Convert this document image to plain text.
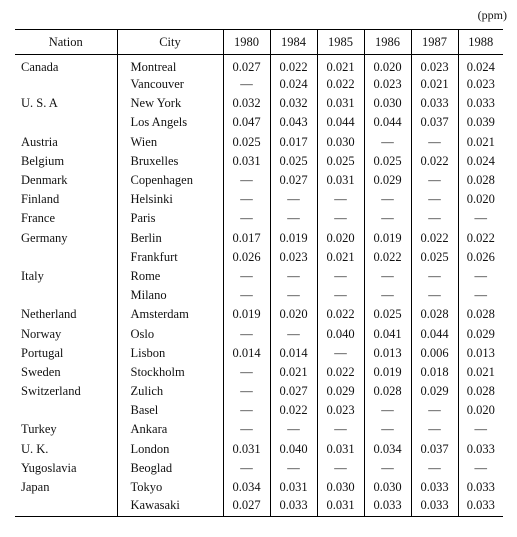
(ppm)
Nation	City	1980	1984	1985	1986	1987	1988
Canada	Montreal	0.027	0.022	0.021	0.020	0.023	0.024
	Vancouver	—	0.024	0.022	0.023	0.021	0.023
U. S. A	New York	0.032	0.032	0.031	0.030	0.033	0.033
	Los Angels	0.047	0.043	0.044	0.044	0.037	0.039
Austria	Wien	0.025	0.017	0.030	—	—	0.021
Belgium	Bruxelles	0.031	0.025	0.025	0.025	0.022	0.024
Denmark	Copenhagen	—	0.027	0.031	0.029	—	0.028
Finland	Helsinki	—	—	—	—	—	0.020
France	Paris	—	—	—	—	—	—
Germany	Berlin	0.017	0.019	0.020	0.019	0.022	0.022
	Frankfurt	0.026	0.023	0.021	0.022	0.025	0.026
Italy	Rome	—	—	—	—	—	—
	Milano	—	—	—	—	—	—
Netherland	Amsterdam	0.019	0.020	0.022	0.025	0.028	0.028
Norway	Oslo	—	—	0.040	0.041	0.044	0.029
Portugal	Lisbon	0.014	0.014	—	0.013	0.006	0.013
Sweden	Stockholm	—	0.021	0.022	0.019	0.018	0.021
Switzerland	Zulich	—	0.027	0.029	0.028	0.029	0.028
	Basel	—	0.022	0.023	—	—	0.020
Turkey	Ankara	—	—	—	—	—	—
U. K.	London	0.031	0.040	0.031	0.034	0.037	0.033
Yugoslavia	Beoglad	—	—	—	—	—	—
Japan	Tokyo	0.034	0.031	0.030	0.030	0.033	0.033
	Kawasaki	0.027	0.033	0.031	0.033	0.033	0.033
